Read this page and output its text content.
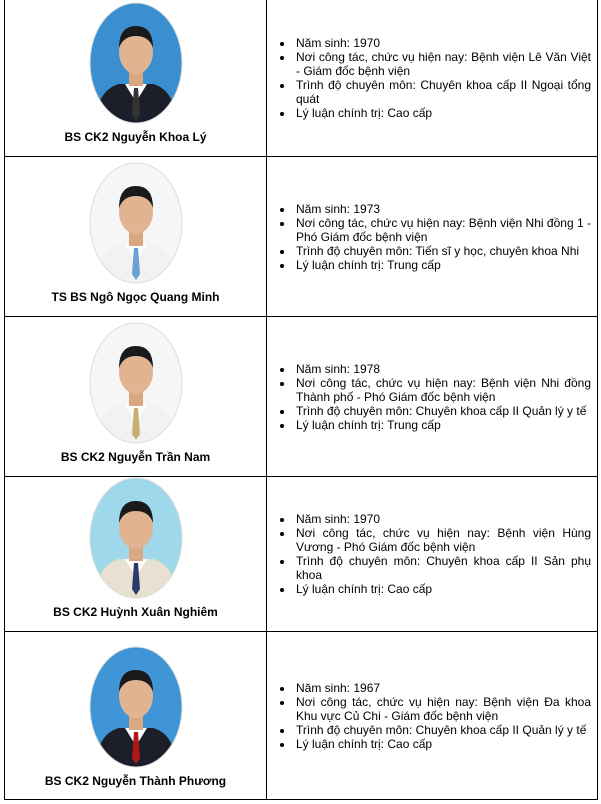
BS CK2 Nguyễn Khoa Lý
• Năm sinh: 1970
• Nơi công tác, chức vụ hiện nay: Bệnh viện Lê Văn Việt - Giám đốc bệnh viện
• Trình độ chuyên môn: Chuyên khoa cấp II Ngoại tổng quát
• Lý luận chính trị: Cao cấp
TS BS Ngô Ngọc Quang Minh
• Năm sinh: 1973
• Nơi công tác, chức vụ hiện nay: Bệnh viện Nhi đồng 1 - Phó Giám đốc bệnh viện
• Trình độ chuyên môn: Tiến sĩ y học, chuyên khoa Nhi
• Lý luận chính trị: Trung cấp
BS CK2 Nguyễn Trần Nam
• Năm sinh: 1978
• Nơi công tác, chức vụ hiện nay: Bệnh viện Nhi đồng Thành phố - Phó Giám đốc bệnh viện
• Trình độ chuyên môn: Chuyên khoa cấp II Quản lý y tế
• Lý luận chính trị: Trung cấp
BS CK2 Huỳnh Xuân Nghiêm
• Năm sinh: 1970
• Nơi công tác, chức vụ hiện nay: Bệnh viện Hùng Vương - Phó Giám đốc bệnh viện
• Trình độ chuyên môn: Chuyên khoa cấp II Sản phụ khoa
• Lý luận chính trị: Cao cấp
BS CK2 Nguyễn Thành Phương
• Năm sinh: 1967
• Nơi công tác, chức vụ hiện nay: Bệnh viện Đa khoa Khu vực Củ Chi - Giám đốc bệnh viện
• Trình độ chuyên môn: Chuyên khoa cấp II Quản lý y tế
• Lý luận chính trị: Cao cấp
